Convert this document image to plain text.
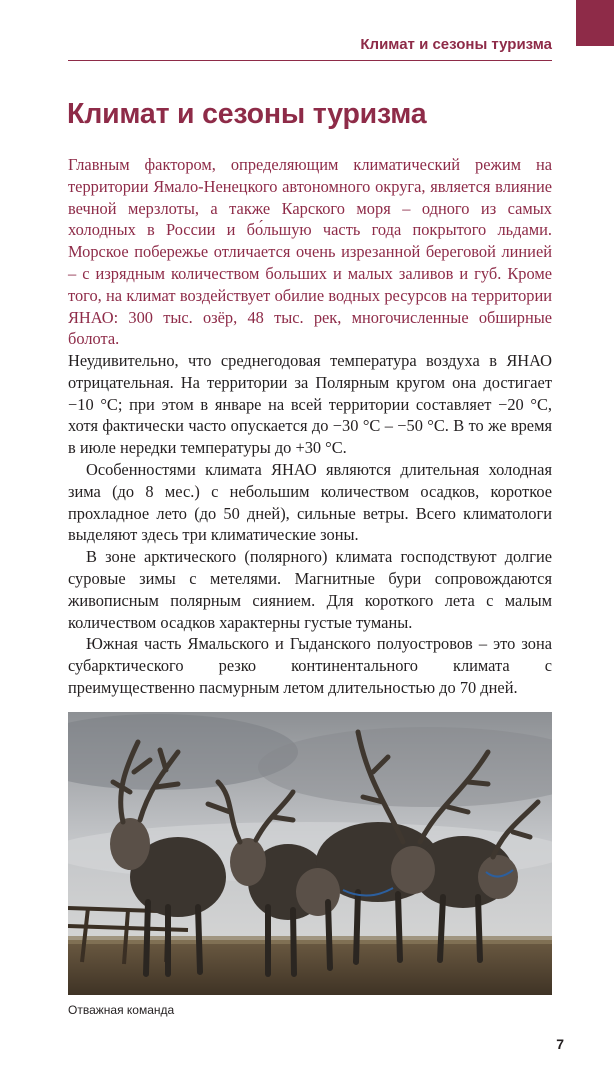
Климат и сезоны туризма
Климат и сезоны туризма

Главным фактором, определяющим климатический режим на территории Ямало-Ненецкого автономного округа, является влияние вечной мерзлоты, а также Карского моря – одного из самых холодных в России и бо́льшую часть года покрытого льдами. Морское побережье отличается очень изрезанной береговой линией – с изрядным количеством больших и малых заливов и губ. Кроме того, на климат воздействует обилие водных ресурсов на территории ЯНАО: 300 тыс. озёр, 48 тыс. рек, многочисленные обширные болота.

Неудивительно, что среднегодовая температура воздуха в ЯНАО отрицательная. На территории за Полярным кругом она достигает −10 °C; при этом в январе на всей территории составляет −20 °C, хотя фактически часто опускается до −30 °C – −50 °C. В то же время в июле нередки температуры до +30 °C.

Особенностями климата ЯНАО являются длительная холодная зима (до 8 мес.) с небольшим количеством осадков, короткое прохладное лето (до 50 дней), сильные ветры. Всего климатологи выделяют здесь три климатические зоны.

В зоне арктического (полярного) климата господствуют долгие суровые зимы с метелями. Магнитные бури сопровождаются живописным полярным сиянием. Для короткого лета с малым количеством осадков характерны густые туманы.

Южная часть Ямальского и Гыданского полуостровов – это зона субарктического резко континентального климата с преимущественно пасмурным летом длительностью до 70 дней.

Отважная команда
7
